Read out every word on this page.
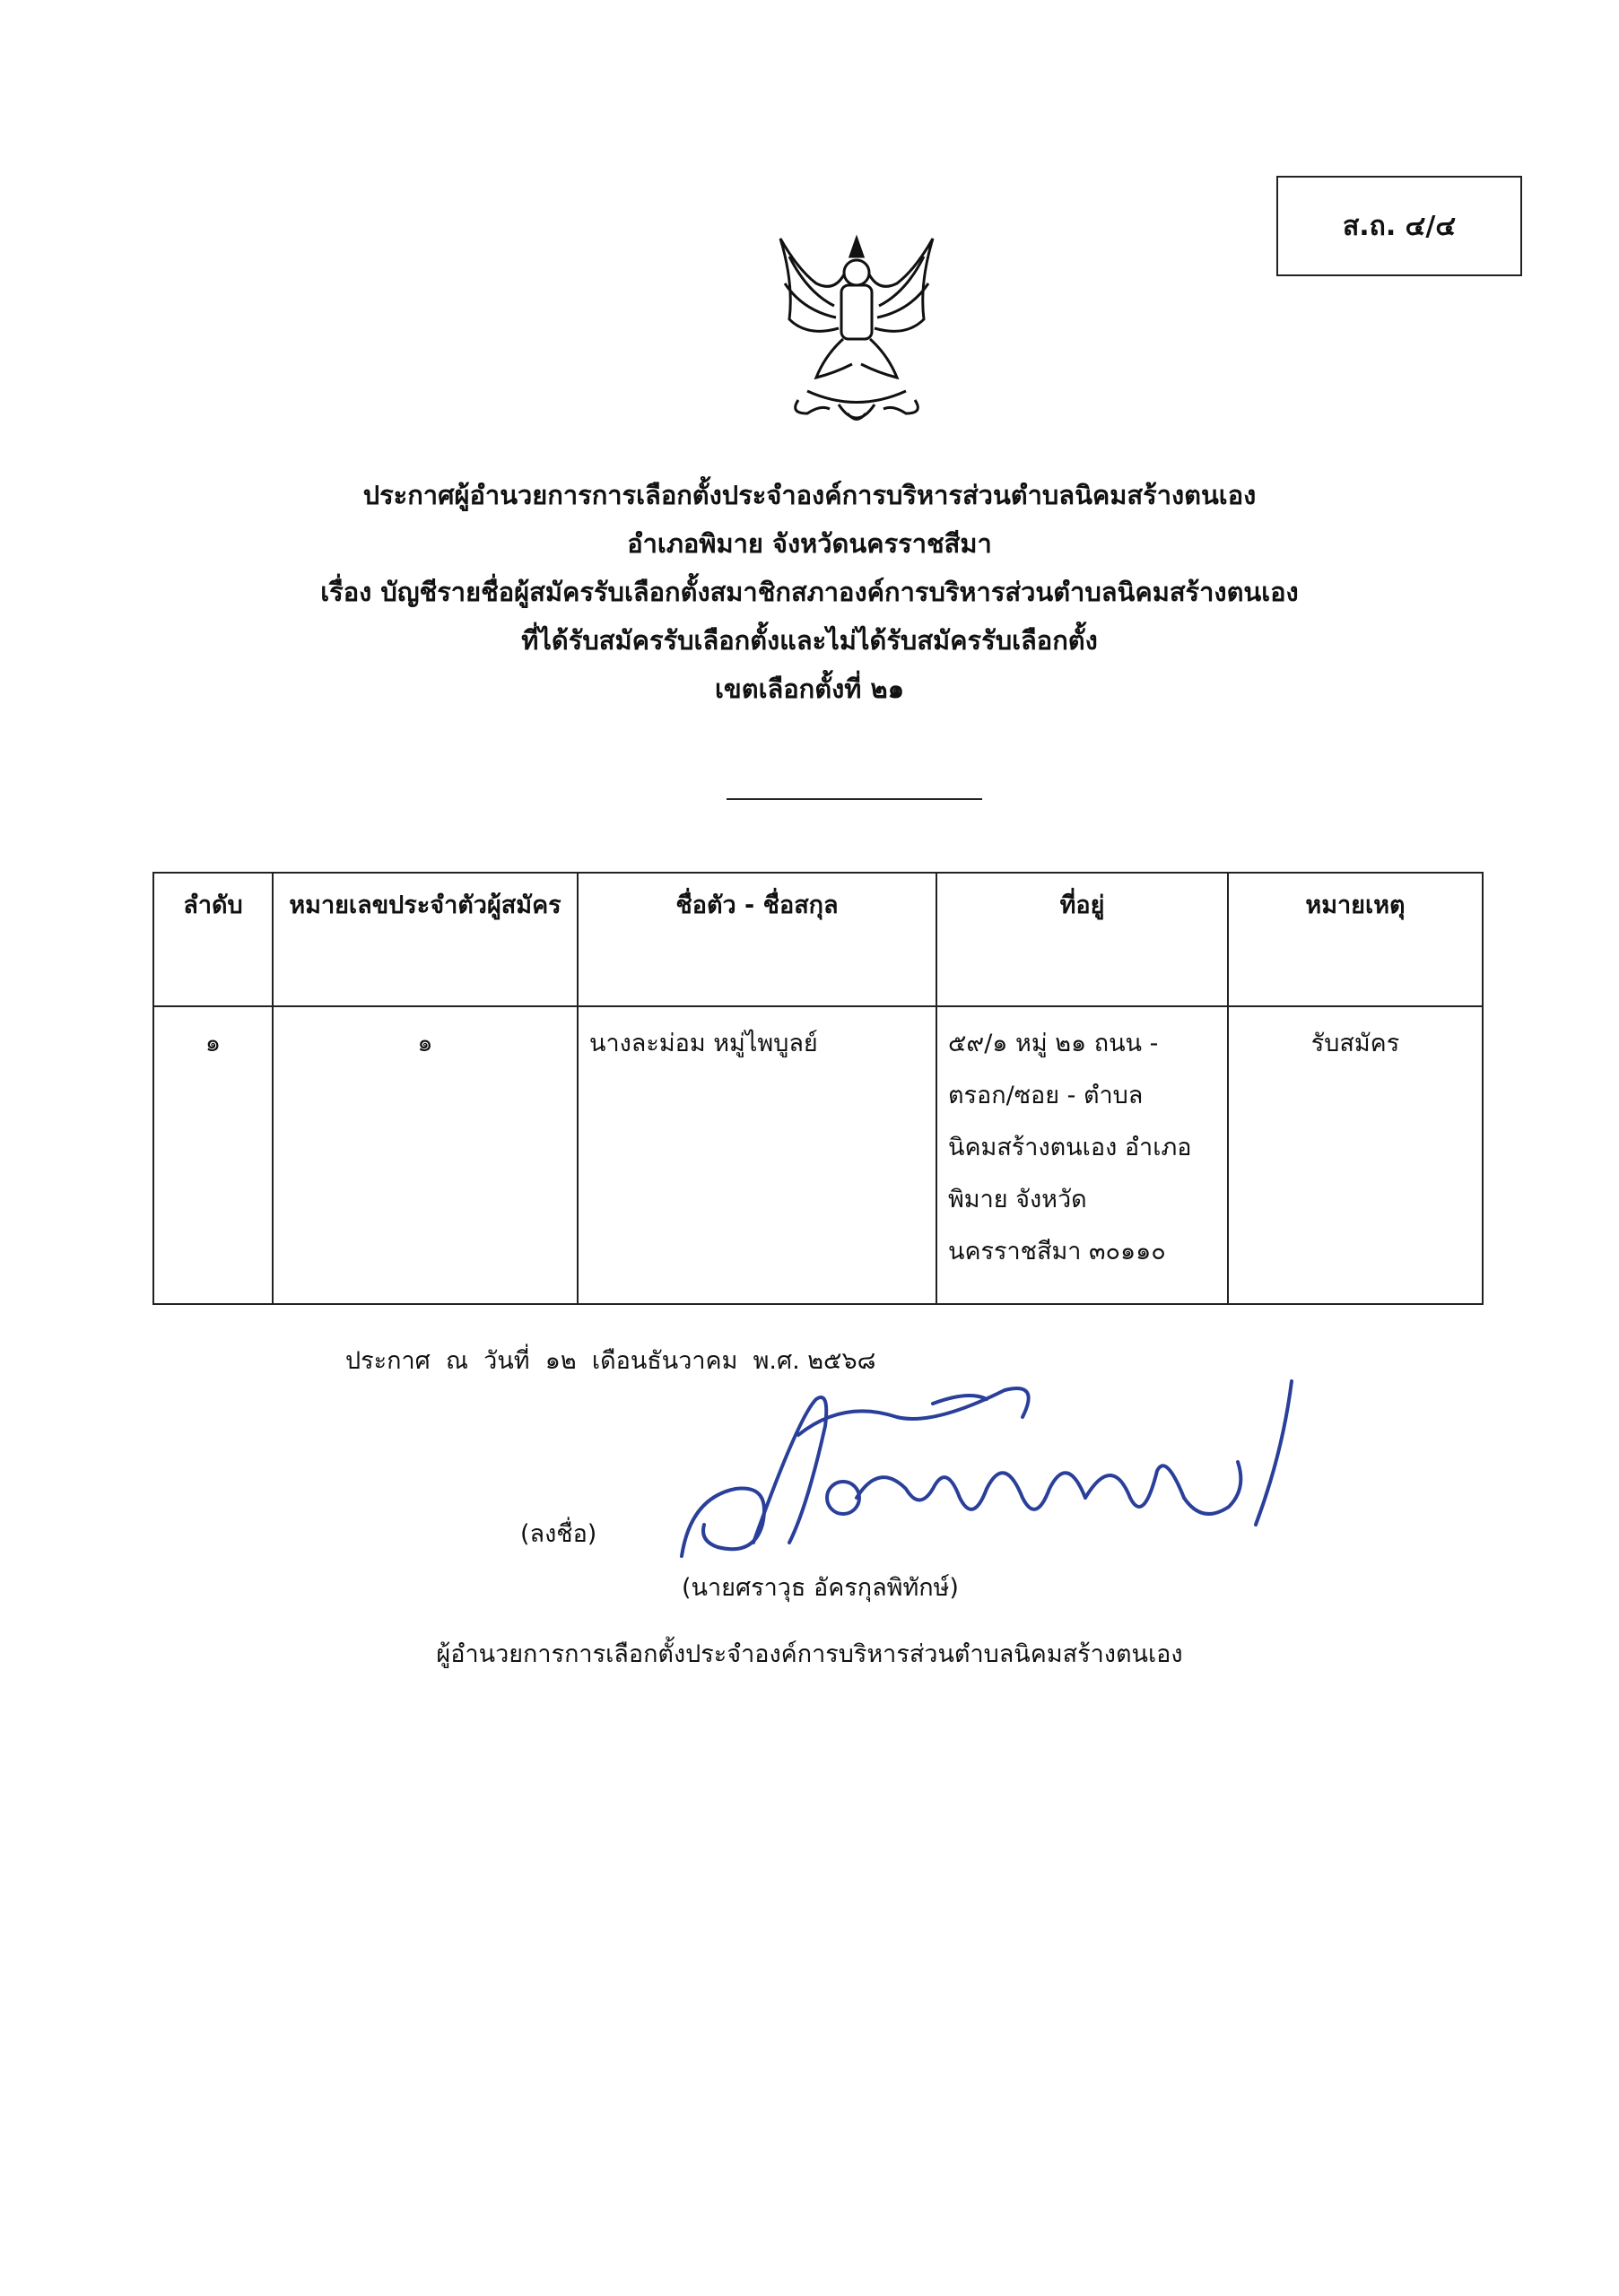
ส.ถ. ๔/๔
ประกาศผู้อำนวยการการเลือกตั้งประจำองค์การบริหารส่วนตำบลนิคมสร้างตนเอง
อำเภอพิมาย จังหวัดนครราชสีมา
เรื่อง บัญชีรายชื่อผู้สมัครรับเลือกตั้งสมาชิกสภาองค์การบริหารส่วนตำบลนิคมสร้างตนเอง
ที่ได้รับสมัครรับเลือกตั้งและไม่ได้รับสมัครรับเลือกตั้ง
เขตเลือกตั้งที่ ๒๑
ลำดับ	หมายเลขประจำตัวผู้สมัคร	ชื่อตัว - ชื่อสกุล	ที่อยู่	หมายเหตุ
๑	๑	นางละม่อม หมู่ไพบูลย์	๕๙/๑ หมู่ ๒๑ ถนน - ตรอก/ซอย - ตำบลนิคมสร้างตนเอง อำเภอพิมาย จังหวัดนครราชสีมา ๓๐๑๑๐	รับสมัคร
ประกาศ  ณ  วันที่  ๑๒  เดือนธันวาคม  พ.ศ. ๒๕๖๘
(ลงชื่อ)
(นายศราวุธ อัครกุลพิทักษ์)
ผู้อำนวยการการเลือกตั้งประจำองค์การบริหารส่วนตำบลนิคมสร้างตนเอง
